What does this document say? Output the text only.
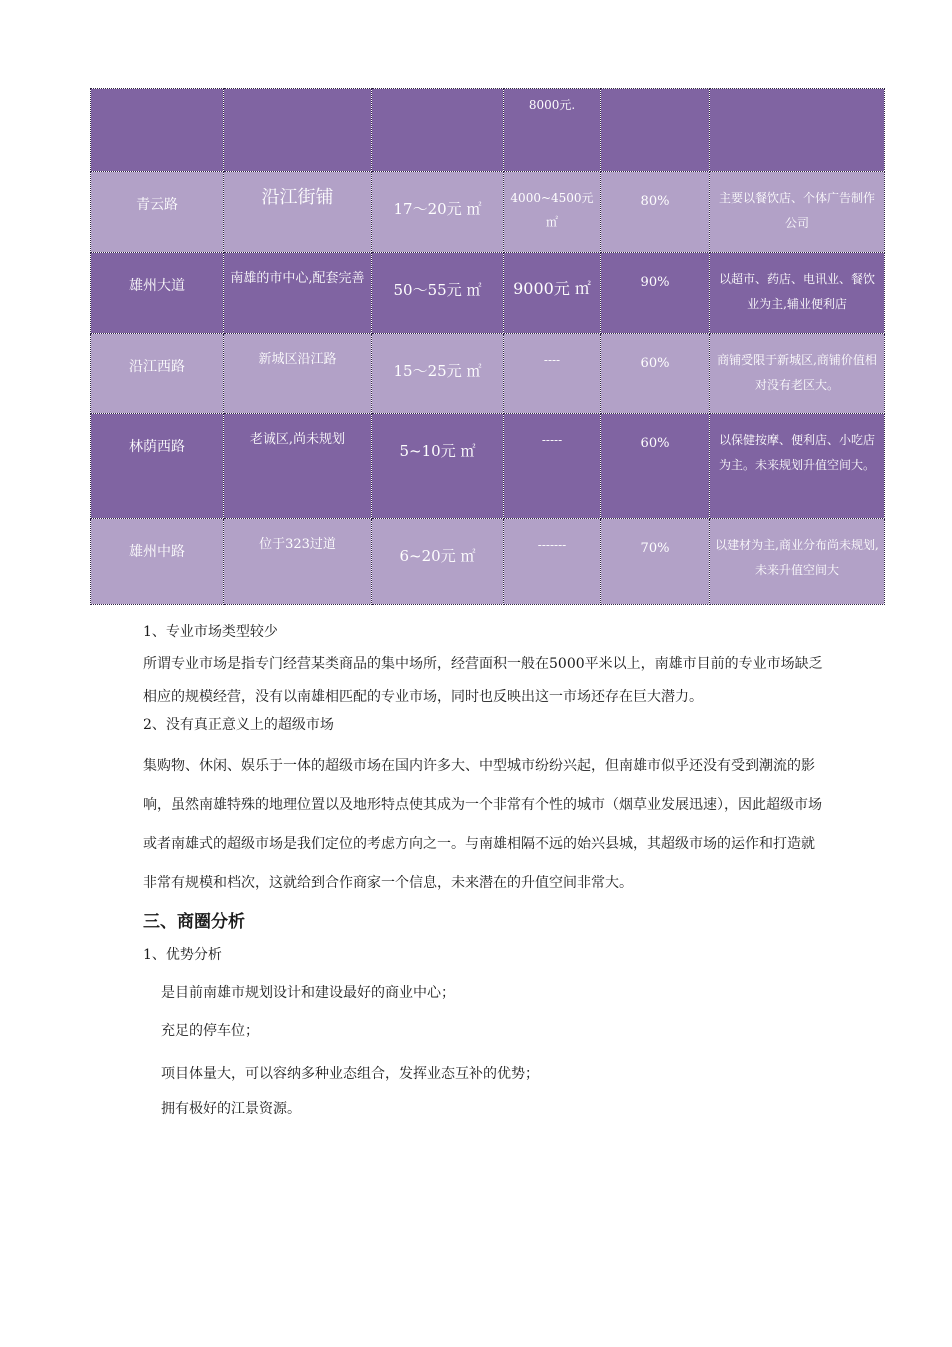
			8000元.		
青云路	沿江街铺	17～20元 ㎡	4000~4500元 ㎡	80%	主要以餐饮店、个体广告制作公司
雄州大道	南雄的市中心,配套完善	50～55元 ㎡	9000元 ㎡	90%	以超市、药店、电讯业、餐饮业为主,辅业便利店
沿江西路	新城区沿江路	15～25元 ㎡	----	60%	商铺受限于新城区,商铺价值相对没有老区大。
林荫西路	老诚区,尚未规划	5~10元 ㎡	-----	60%	以保健按摩、便利店、小吃店为主。未来规划升值空间大。
雄州中路	位于323过道	6~20元 ㎡	-------	70%	以建材为主,商业分布尚未规划,未来升值空间大

1、专业市场类型较少

所谓专业市场是指专门经营某类商品的集中场所，经营面积一般在5000平米以上，南雄市目前的专业市场缺乏相应的规模经营，没有以南雄相匹配的专业市场，同时也反映出这一市场还存在巨大潜力。

2、没有真正意义上的超级市场

集购物、休闲、娱乐于一体的超级市场在国内许多大、中型城市纷纷兴起，但南雄市似乎还没有受到潮流的影响，虽然南雄特殊的地理位置以及地形特点使其成为一个非常有个性的城市（烟草业发展迅速），因此超级市场或者南雄式的超级市场是我们定位的考虑方向之一。与南雄相隔不远的始兴县城，其超级市场的运作和打造就非常有规模和档次，这就给到合作商家一个信息，未来潜在的升值空间非常大。

三、商圈分析

1、优势分析

是目前南雄市规划设计和建设最好的商业中心；

充足的停车位；

项目体量大，可以容纳多种业态组合，发挥业态互补的优势；

拥有极好的江景资源。
